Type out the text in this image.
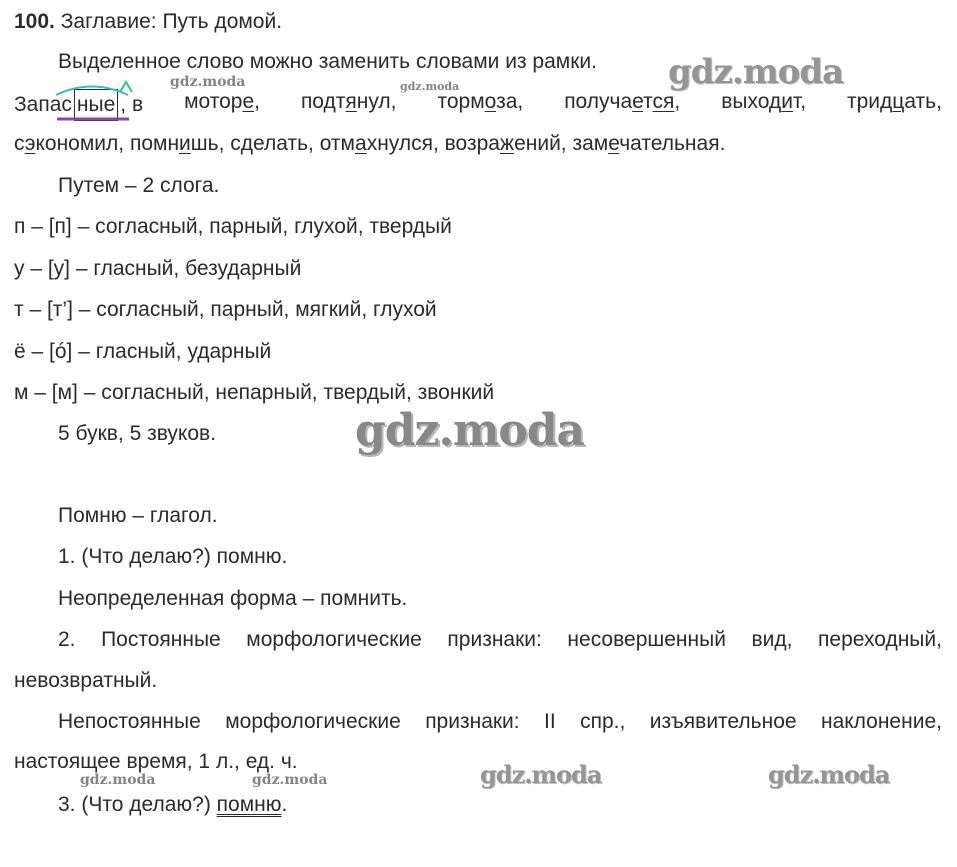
100. Заглавие: Путь домой.
Выделенное слово можно заменить словами из рамки.
Запас ные , в моторе, подтянул, тормоза, получается, выходит, тридцать,
сэкономил, помнишь, сделать, отмахнулся, возражений, замечательная.
Путем – 2 слога.
п – [п] – согласный, парный, глухой, твердый
у – [у] – гласный, безударный
т – [т’] – согласный, парный, мягкий, глухой
ё – [ó] – гласный, ударный
м – [м] – согласный, непарный, твердый, звонкий
5 букв, 5 звуков.
Помню – глагол.
1. (Что делаю?) помню.
Неопределенная форма – помнить.
2. Постоянные морфологические признаки: несовершенный вид, переходный,
невозвратный.
Непостоянные морфологические признаки: II спр., изъявительное наклонение,
настоящее время, 1 л., ед. ч.
3. (Что делаю?) помню.
gdz.moda	gdz.moda	gdz.moda
gdz.moda
gdz.moda	gdz.moda	gdz.moda	gdz.moda
